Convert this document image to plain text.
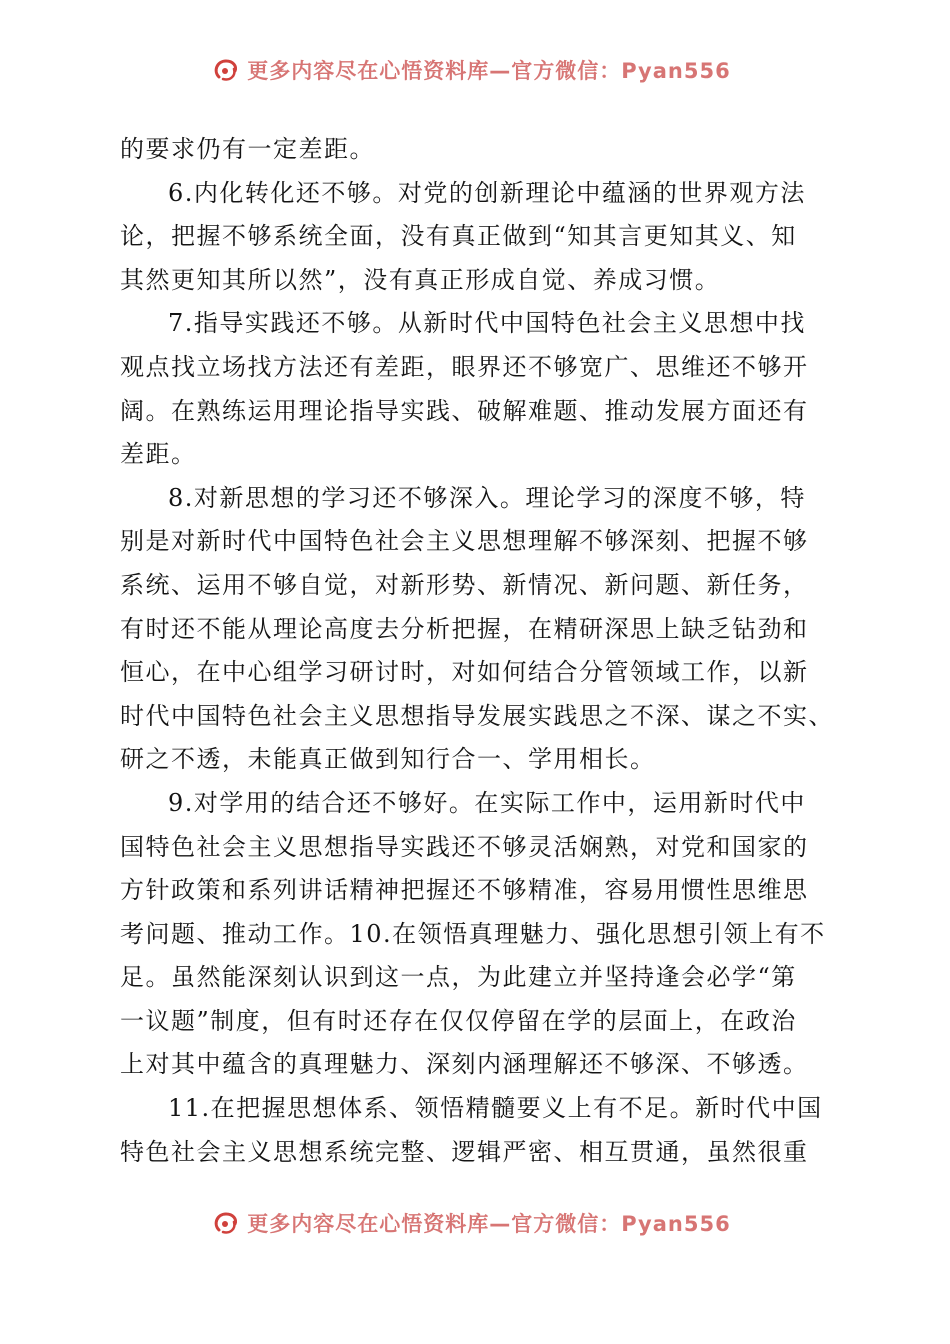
更多内容尽在心悟资料库—官方微信：Pyan556
的要求仍有一定差距。
6.内化转化还不够。对党的创新理论中蕴涵的世界观方法
论，把握不够系统全面，没有真正做到“知其言更知其义、知
其然更知其所以然”，没有真正形成自觉、养成习惯。
7.指导实践还不够。从新时代中国特色社会主义思想中找
观点找立场找方法还有差距，眼界还不够宽广、思维还不够开
阔。在熟练运用理论指导实践、破解难题、推动发展方面还有
差距。
8.对新思想的学习还不够深入。理论学习的深度不够，特
别是对新时代中国特色社会主义思想理解不够深刻、把握不够
系统、运用不够自觉，对新形势、新情况、新问题、新任务，
有时还不能从理论高度去分析把握，在精研深思上缺乏钻劲和
恒心，在中心组学习研讨时，对如何结合分管领域工作，以新
时代中国特色社会主义思想指导发展实践思之不深、谋之不实、
研之不透，未能真正做到知行合一、学用相长。
9.对学用的结合还不够好。在实际工作中，运用新时代中
国特色社会主义思想指导实践还不够灵活娴熟，对党和国家的
方针政策和系列讲话精神把握还不够精准，容易用惯性思维思
考问题、推动工作。10.在领悟真理魅力、强化思想引领上有不
足。虽然能深刻认识到这一点，为此建立并坚持逢会必学“第
一议题”制度，但有时还存在仅仅停留在学的层面上，在政治
上对其中蕴含的真理魅力、深刻内涵理解还不够深、不够透。
11.在把握思想体系、领悟精髓要义上有不足。新时代中国
特色社会主义思想系统完整、逻辑严密、相互贯通，虽然很重
更多内容尽在心悟资料库—官方微信：Pyan556
